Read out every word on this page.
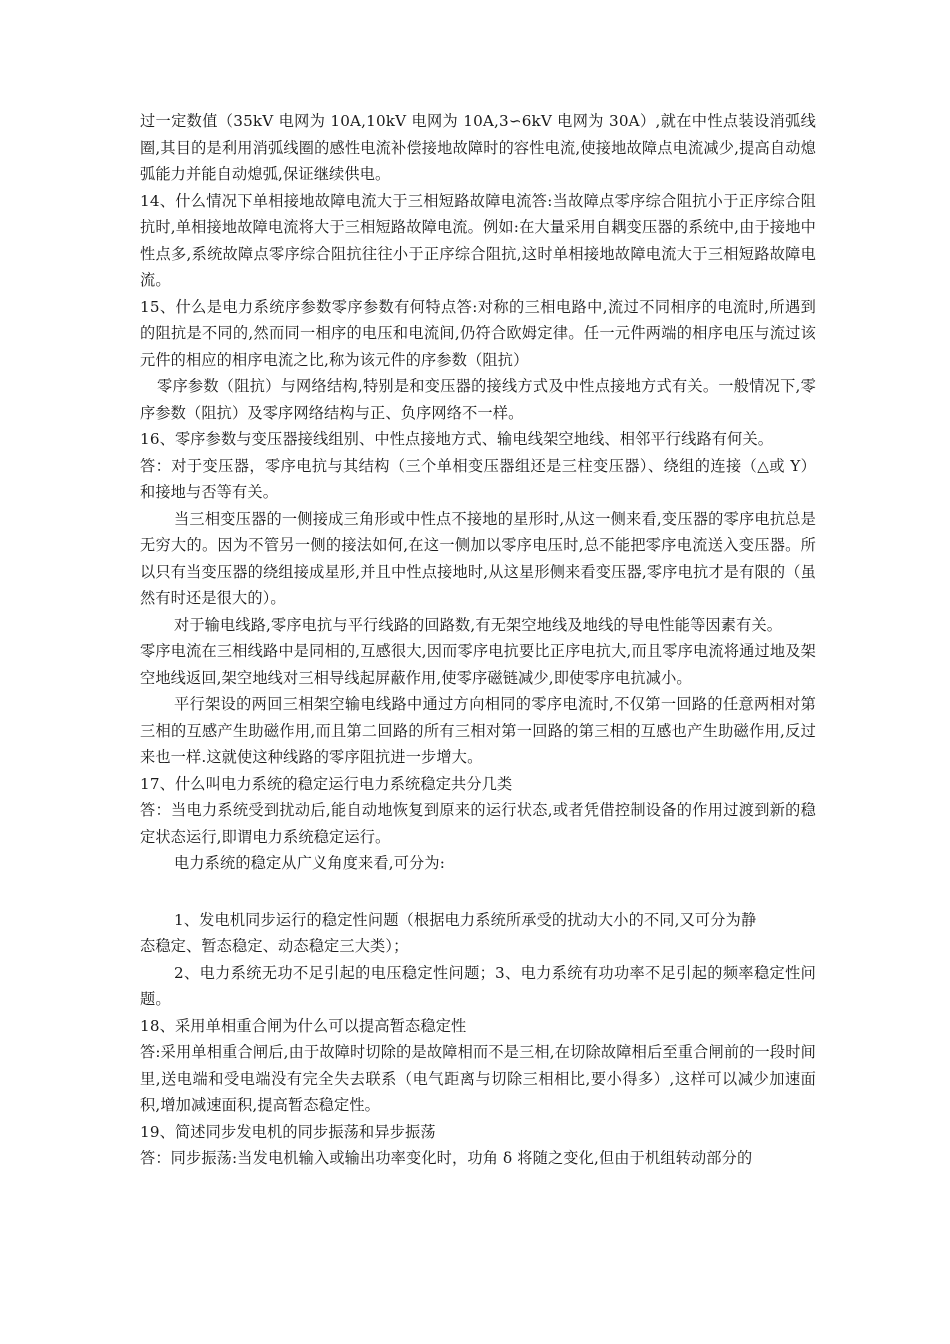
过一定数值（35kV 电网为 10A,10kV 电网为 10A,3∽6kV 电网为 30A）,就在中性点装设消弧线圈,其目的是利用消弧线圈的感性电流补偿接地故障时的容性电流,使接地故障点电流减少,提高自动熄弧能力并能自动熄弧,保证继续供电。

14、什么情况下单相接地故障电流大于三相短路故障电流答:当故障点零序综合阻抗小于正序综合阻抗时,单相接地故障电流将大于三相短路故障电流。例如:在大量采用自耦变压器的系统中,由于接地中性点多,系统故障点零序综合阻抗往往小于正序综合阻抗,这时单相接地故障电流大于三相短路故障电流。

15、什么是电力系统序参数零序参数有何特点答:对称的三相电路中,流过不同相序的电流时,所遇到的阻抗是不同的,然而同一相序的电压和电流间,仍符合欧姆定律。任一元件两端的相序电压与流过该元件的相应的相序电流之比,称为该元件的序参数（阻抗）

零序参数（阻抗）与网络结构,特别是和变压器的接线方式及中性点接地方式有关。一般情况下,零序参数（阻抗）及零序网络结构与正、负序网络不一样。

16、零序参数与变压器接线组别、中性点接地方式、输电线架空地线、相邻平行线路有何关。

答：对于变压器，零序电抗与其结构（三个单相变压器组还是三柱变压器）、绕组的连接（△或 Y）和接地与否等有关。

当三相变压器的一侧接成三角形或中性点不接地的星形时,从这一侧来看,变压器的零序电抗总是无穷大的。因为不管另一侧的接法如何,在这一侧加以零序电压时,总不能把零序电流送入变压器。所以只有当变压器的绕组接成星形,并且中性点接地时,从这星形侧来看变压器,零序电抗才是有限的（虽然有时还是很大的）。

对于输电线路,零序电抗与平行线路的回路数,有无架空地线及地线的导电性能等因素有关。

零序电流在三相线路中是同相的,互感很大,因而零序电抗要比正序电抗大,而且零序电流将通过地及架空地线返回,架空地线对三相导线起屏蔽作用,使零序磁链减少,即使零序电抗减小。

平行架设的两回三相架空输电线路中通过方向相同的零序电流时,不仅第一回路的任意两相对第三相的互感产生助磁作用,而且第二回路的所有三相对第一回路的第三相的互感也产生助磁作用,反过来也一样.这就使这种线路的零序阻抗进一步增大。

17、什么叫电力系统的稳定运行电力系统稳定共分几类

答：当电力系统受到扰动后,能自动地恢复到原来的运行状态,或者凭借控制设备的作用过渡到新的稳定状态运行,即谓电力系统稳定运行。

电力系统的稳定从广义角度来看,可分为:

1、发电机同步运行的稳定性问题（根据电力系统所承受的扰动大小的不同,又可分为静

态稳定、暂态稳定、动态稳定三大类）；

2、电力系统无功不足引起的电压稳定性问题；3、电力系统有功功率不足引起的频率稳定性问题。

18、采用单相重合闸为什么可以提高暂态稳定性

答:采用单相重合闸后,由于故障时切除的是故障相而不是三相,在切除故障相后至重合闸前的一段时间里,送电端和受电端没有完全失去联系（电气距离与切除三相相比,要小得多）,这样可以减少加速面积,增加减速面积,提高暂态稳定性。

19、简述同步发电机的同步振荡和异步振荡

答：同步振荡:当发电机输入或输出功率变化时，功角 δ 将随之变化,但由于机组转动部分的
